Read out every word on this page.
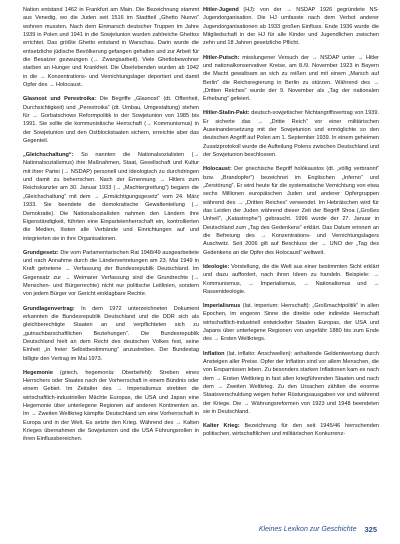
Nation entstand 1462 in Frankfurt am Main. Die Bezeichnung stammt aus Venedig, wo die Juden seit 1516 im Stadtteil „Ghetto Nuovo“ wohnen mussten. Nach dem Einmarsch deutscher Truppen im Jahre 1939 in Polen und 1941 in die Sowjetunion wurden zahlreiche Ghettos errichtet. Das größte Ghetto entstand in Warschau. Darin wurde die entsetzliche jüdische Bevölkerung gefangen gehalten und zur Arbeit für die Besatzer gezwungen (→ Zwangsarbeit). Viele Ghettobewohner starben an Hunger und Krankheit. Die Überlebenden wurden ab 1942 in die → Konzentrations- und Vernichtungslager deportiert und damit Opfer des → Holocaust.

Glasnost und Perestroika: Die Begriffe „Glasnost“ (dt. Offenheit, Durchsichtigkeit) und „Perestroika“ (dt. Umbau, Umgestaltung) stehen für → Gorbatschows Reformpolitik in der Sowjetunion von 1985 bis 1991. Sie sollte die kommunistische Herrschaft (→ Kommunismus) in der Sowjetunion und den Ostblockstaaten sichern, erreichte aber das Gegenteil.

„Gleichschaltung“: So nannten die Nationalsozialisten (→ Nationalsozialismus) ihre Maßnahmen, Staat, Gesellschaft und Kultur mit ihrer Partei (→ NSDAP) personell und ideologisch zu durchdringen und damit zu beherrschen. Nach der Ernennung → Hitlers zum Reichskanzler am 30. Januar 1933 (→ „Machtergreifung“) begann die „Gleichschaltung“ mit dem → „Ermächtigungsgesetz“ vom 24. März 1933. Sie beendete die demokratische Gewaltenteilung (→ Demokratie). Die Nationalsozialisten nahmen den Ländern ihre Eigenständigkeit, führten eine Einparteienherrschaft ein, kontrollierten die Medien, lösten alle Verbände und Einrichtungen auf und integrierten sie in ihre Organisationen.

Grundgesetz: Die vom Parlamentarischen Rat 1948/49 ausgearbeitete und nach Annahme durch die Ländervertretungen am 23. Mai 1949 in Kraft getretene → Verfassung der Bundesrepublik Deutschland. Im Gegensatz zur → Weimarer Verfassung sind die Grundrechte (→ Menschen- und Bürgerrechte) nicht nur politische Leitlinien, sondern von jedem Bürger vor Gericht einklagbare Rechte.

Grundlagenvertrag: In dem 1972 unterzeichneten Dokument erkannten die Bundesrepublik Deutschland und die DDR sich als gleichberechtigte Staaten an und verpflichteten sich zu „gutnachbarschaftlichen Beziehungen“. Die Bundesrepublik Deutschland hielt an dem Recht des deutschen Volkes fest, seine Einheit „in freier Selbstbestimmung“ anzustreben. Der Bundestag billigte den Vertrag im Mai 1973.

Hegemonie (griech. hegemonía: Oberbefehl): Streben eines Herrschers oder Staates nach der Vorherrschaft in einem Bündnis oder einem Gebiet. Im Zeitalter des → Imperialismus strebten die wirtschaftlich-industriellen Mächte Europas, die USA und Japan eine Hegemonie über unterlegene Regionen auf anderen Kontinenten an. Im → Zweiten Weltkrieg kämpfte Deutschland um eine Vorherrschaft in Europa und in der Welt. Es setzte den Krieg. Während des → Kalten Krieges übernahmen die Sowjetunion und die USA Führungsrollen in ihren Einflussbereichen.

Hitler-Jugend (HJ): von der → NSDAP 1926 gegründete NS-Jugendorganisation. Die HJ umfasste nach dem Verbot anderer Jugendorganisationen ab 1933 großen Einfluss. Ende 1936 wurde die Mitgliedschaft in der HJ für alle Kinder und Jugendlichen zwischen zehn und 18 Jahren gesetzliche Pflicht.

Hitler-Putsch: misslungener Versuch der → NSDAP unter → Hitler und nationalkonservativer Kreise, am 8./9. November 1923 in Bayern die Macht gewaltsam an sich zu reißen und mit einem „Marsch auf Berlin“ die Reichsregierung in Berlin zu stürzen. Während des → „Dritten Reiches“ wurde der 9. November als „Tag der nationalen Erhebung“ gefeiert.

Hitler-Stalin-Pakt: deutsch-sowjetischer Nichtangriffsvertrag von 1939. Er sicherte das → „Dritte Reich“ vor einer militärischen Auseinandersetzung mit der Sowjetunion und ermöglichte so den deutschen Angriff auf Polen am 1. September 1939. In einem geheimen Zusatzprotokoll wurde die Aufteilung Polens zwischen Deutschland und der Sowjetunion beschlossen.

Holocaust: Der griechische Begriff holókaustos (dt. „völlig verbrannt“ bzw. „Brandopfer“) bezeichnet im Englischen „Inferno“ und „Zerstörung“. Er wird heute für die systematische Vernichtung von etwa sechs Millionen europäischen Juden und anderer Opfergruppen während des → „Dritten Reiches“ verwendet. Im Hebräischen wird für das Leiden der Juden während dieser Zeit der Begriff Shoa („Großes Unheil“, „Katastrophe“) gebraucht. 1996 wurde der 27. Januar in Deutschland zum „Tag des Gedenkens“ erklärt. Das Datum erinnert an die Befreiung des → Konzentrations- und Vernichtungslagers Auschwitz. Seit 2006 gilt auf Beschluss der → UNO der „Tag des Gedenkens an die Opfer des Holocaust“ weltweit.

Ideologie: Vorstellung, die die Welt aus einer bestimmten Sicht erklärt und dazu auffordert, nach ihren Ideen zu handeln. Beispiele: → Kommunismus, → Imperialismus, → Nationalismus und → Rassenideologie.

Imperialismus (lat. imperium: Herrschaft): „Großmachtpolitik“ in allen Epochen, im engeren Sinne die direkte oder indirekte Herrschaft wirtschaftlich-industriell entwickelter Staaten Europas, der USA und Japans über unterlegene Regionen von ungefähr 1880 bis zum Ende des → Ersten Weltkriegs.

Inflation (lat. inflatio: Anschwellen): anhaltende Geldentwertung durch Ansteigen aller Preise. Opfer der Inflation sind vor allem Menschen, die von Ersparnissen leben. Zu besonders starken Inflationen kam es nach dem → Ersten Weltkrieg in fast allen kriegführenden Staaten und nach dem → Zweiten Weltkrieg. Zu den Ursachen zählten die enorme Staatsverschuldung wegen hoher Rüstungsausgaben vor und während der Kriege. Die → Währungsreformen von 1923 und 1948 beendeten sie in Deutschland.

Kalter Krieg: Bezeichnung für den seit 1945/46 herrschenden politischen, wirtschaftlichen und militärischen Konkurrenz-

Kleines Lexikon zur Geschichte 325
